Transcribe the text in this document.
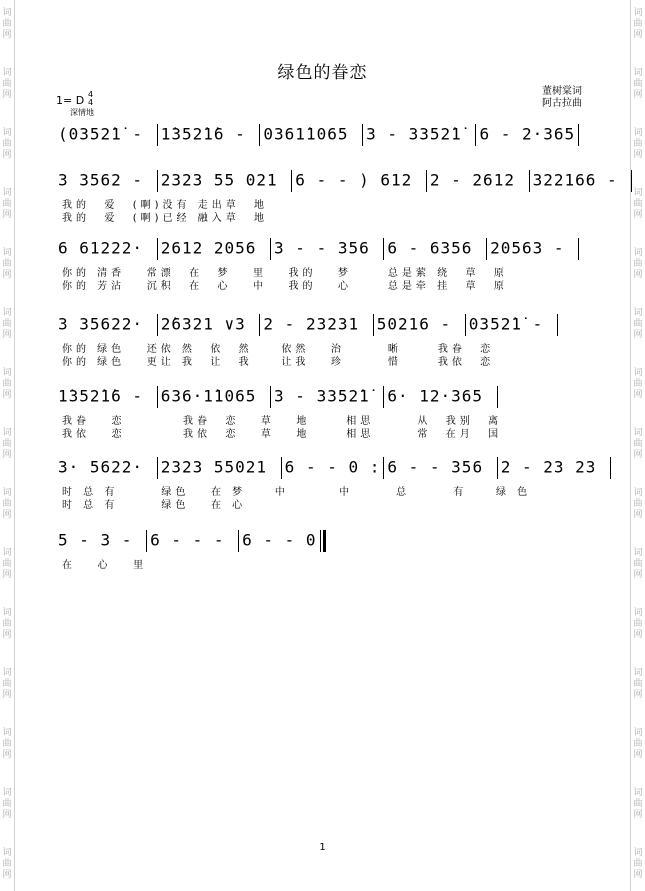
词
曲
网
词
曲
网
词
曲
网
词
曲
网
词
曲
网
词
曲
网
词
曲
网
词
曲
网
词
曲
网
词
曲
网
词
曲
网
词
曲
网
词
曲
网
词
曲
网
词
曲
网
词
曲
网
词
曲
网
词
曲
网
词
曲
网
词
曲
网
词
曲
网
词
曲
网
词
曲
网
词
曲
网
词
曲
网
词
曲
网
词
曲
网
词
曲
网
词
曲
网
词
曲
网
绿色的眷恋
董树棠词
阿古拉曲
1= D 4
4
深情地
(0352̇1̇ - 1̇352̇1̇6 - 0361̇1065 3 - 3352̇1̇ 6 - 2·365
3 3562 - 2323 55 021 6 - - ) 612 2 - 2612 322166 -
我的  爱  (啊)没有 走出草  地
我的  爱  (啊)已经 融入草  地
6 61222· 2612 2056 3 - - 356 6 - 6356 20563 -
你的 清香   常漂  在  梦   里   我的   梦     总是萦 绕  草  原
你的 芳沾   沉积  在  心   中   我的   心     总是牵 挂  草  原
3 35622· 2̇6321 ∨3 2 - 23231 50216 - 0352̇1̇ -
你的 绿色   还依 然  依  然    依然   治      晰     我眷  恋
你的 绿色   更让 我  让  我    让我   珍      惜     我依  恋
1̇352̇1̇6 - 636·1̇1065 3 - 3352̇1̇ 6· 12·365
我眷   恋        我眷  恋   草   地     相思      从  我别  离
我依   恋        我依  恋   草   地     相思      常  在月  国
3· 5622· 2323 55021 6 - - 0 : 6 - - 356 2 - 23 23
时 总 有      绿色   在 梦    中       中      总      有    绿 色
时 总 有      绿色   在 心
5 - 3 - 6 - - - 6 - - 0
在   心   里
1
